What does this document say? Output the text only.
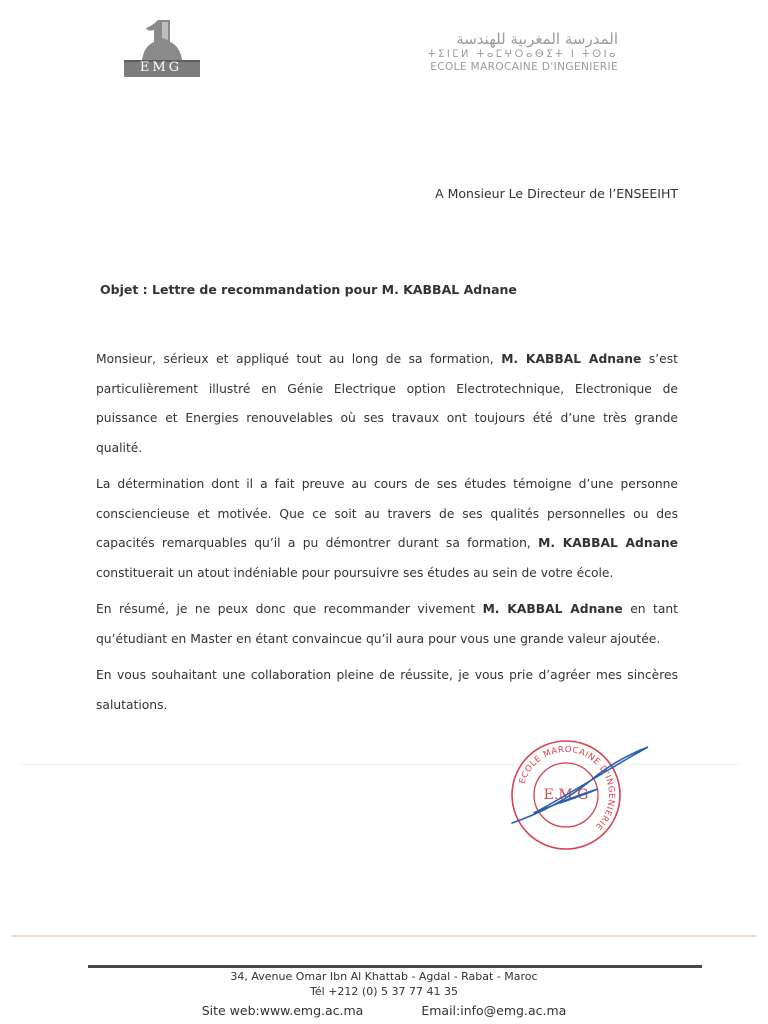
EMG
المدرسة المغربية للهندسة
ⵜⵉⵏⵎⵍ ⵜⴰⵎⵖⵔⴰⴱⵉⵜ ⵏ ⵜⵙⵏⴰ
ECOLE MAROCAINE D'INGENIERIE
A Monsieur Le Directeur de l’ENSEEIHT
Objet : Lettre de recommandation pour M. KABBAL Adnane

Monsieur, sérieux et appliqué tout au long de sa formation, M. KABBAL Adnane s’est particulièrement illustré en Génie Electrique option Electrotechnique, Electronique de puissance et Energies renouvelables où ses travaux ont toujours été d’une très grande qualité.

La détermination dont il a fait preuve au cours de ses études témoigne d’une personne consciencieuse et motivée. Que ce soit au travers de ses qualités personnelles ou des capacités remarquables qu’il a pu démontrer durant sa formation, M. KABBAL Adnane constituerait un atout indéniable pour poursuivre ses études au sein de votre école.

En résumé, je ne peux donc que recommander vivement M. KABBAL Adnane en tant qu’étudiant en Master en étant convaincue qu’il aura pour vous une grande valeur ajoutée.

En vous souhaitant une collaboration pleine de réussite, je vous prie d’agréer mes sincères salutations.

ECOLE MAROCAINE D'INGENIERIE
E.M.G
34, Avenue Omar Ibn Al Khattab - Agdal - Rabat - Maroc
Tél +212 (0) 5 37 77 41 35
Site web:www.emg.ac.ma	Email:info@emg.ac.ma
